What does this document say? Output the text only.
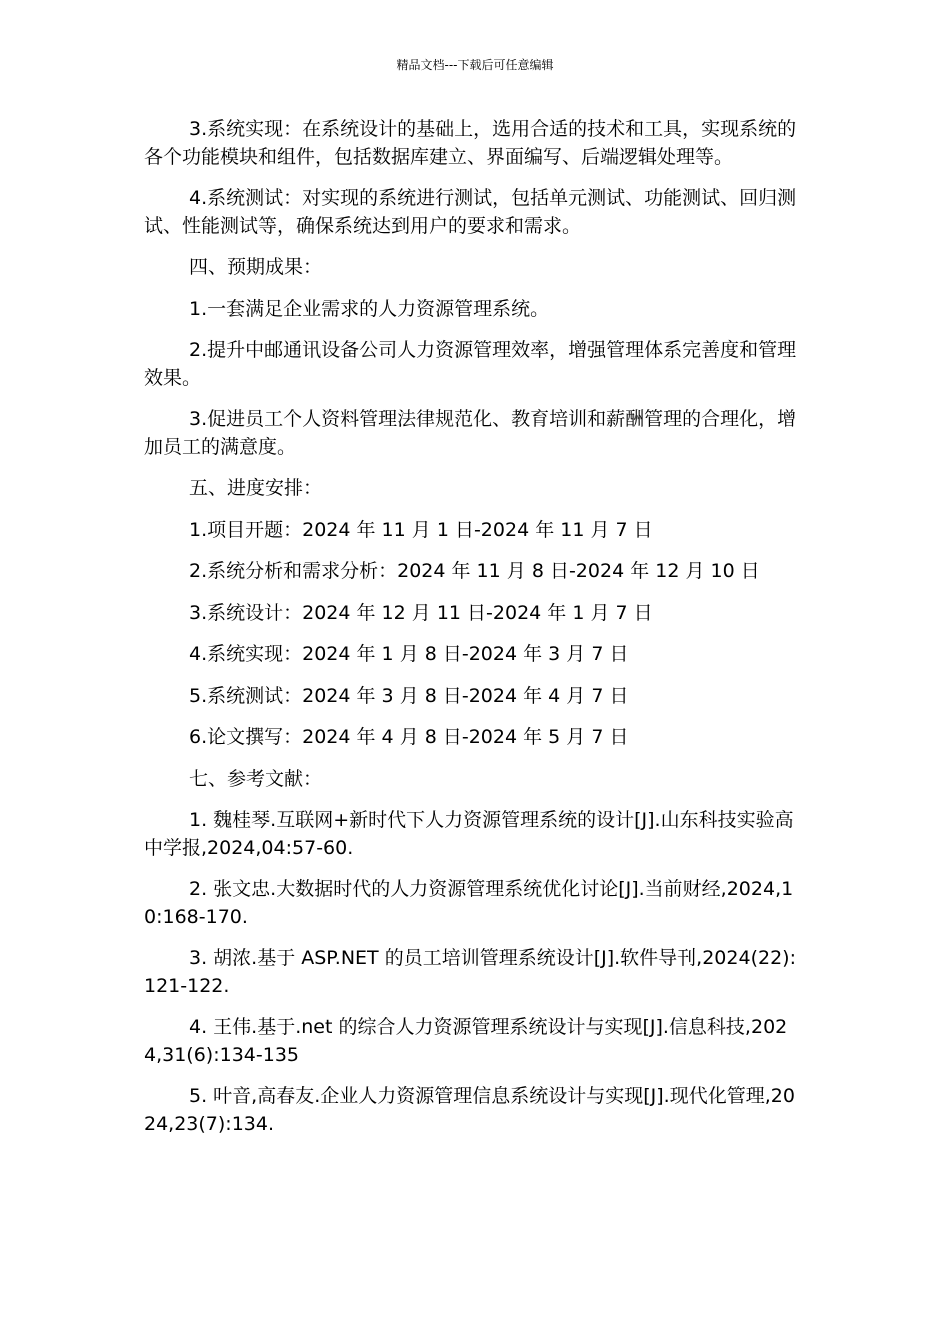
精品文档---下载后可任意编辑

3.系统实现：在系统设计的基础上，选用合适的技术和工具，实现系统的各个功能模块和组件，包括数据库建立、界面编写、后端逻辑处理等。

4.系统测试：对实现的系统进行测试，包括单元测试、功能测试、回归测试、性能测试等，确保系统达到用户的要求和需求。

四、预期成果：

1.一套满足企业需求的人力资源管理系统。

2.提升中邮通讯设备公司人力资源管理效率，增强管理体系完善度和管理效果。

3.促进员工个人资料管理法律规范化、教育培训和薪酬管理的合理化，增加员工的满意度。

五、进度安排：

1.项目开题：2024 年 11 月 1 日-2024 年 11 月 7 日

2.系统分析和需求分析：2024 年 11 月 8 日-2024 年 12 月 10 日

3.系统设计：2024 年 12 月 11 日-2024 年 1 月 7 日

4.系统实现：2024 年 1 月 8 日-2024 年 3 月 7 日

5.系统测试：2024 年 3 月 8 日-2024 年 4 月 7 日

6.论文撰写：2024 年 4 月 8 日-2024 年 5 月 7 日

七、参考文献：

1. 魏桂琴.互联网+新时代下人力资源管理系统的设计[J].山东科技实验高中学报,2024,04:57-60.

2. 张文忠.大数据时代的人力资源管理系统优化讨论[J].当前财经,2024,10:168-170.

3. 胡浓.基于 ASP.NET 的员工培训管理系统设计[J].软件导刊,2024(22):121-122.

4. 王伟.基于.net 的综合人力资源管理系统设计与实现[J].信息科技,2024,31(6):134-135

5. 叶音,高春友.企业人力资源管理信息系统设计与实现[J].现代化管理,2024,23(7):134.
